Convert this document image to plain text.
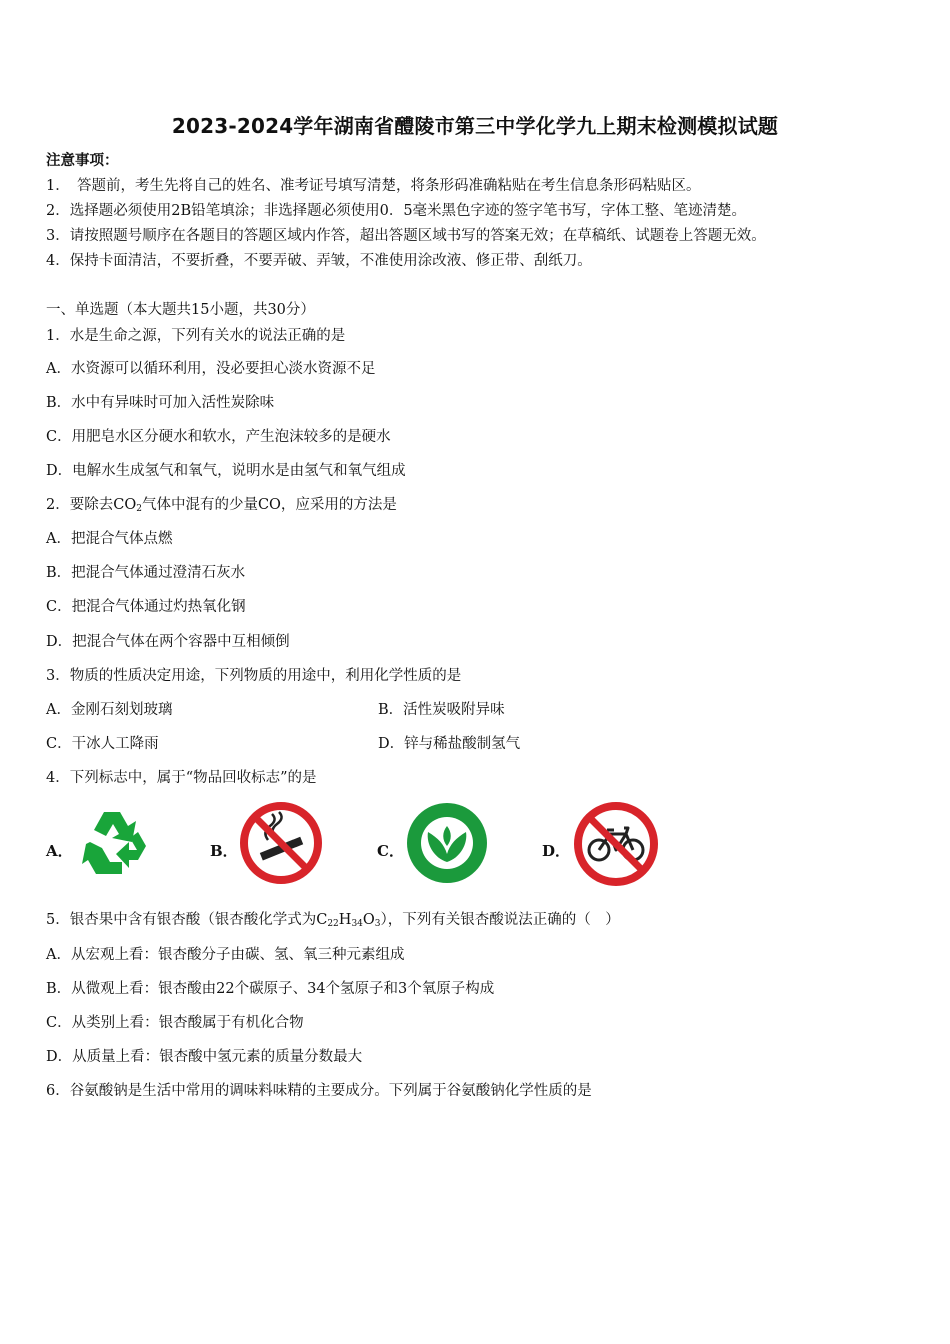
2023-2024学年湖南省醴陵市第三中学化学九上期末检测模拟试题
注意事项：
1．　答题前，考生先将自己的姓名、准考证号填写清楚，将条形码准确粘贴在考生信息条形码粘贴区。
2．选择题必须使用2B铅笔填涂；非选择题必须使用0．5毫米黑色字迹的签字笔书写，字体工整、笔迹清楚。
3．请按照题号顺序在各题目的答题区域内作答，超出答题区域书写的答案无效；在草稿纸、试题卷上答题无效。
4．保持卡面清洁，不要折叠，不要弄破、弄皱，不准使用涂改液、修正带、刮纸刀。
一、单选题（本大题共15小题，共30分）
1．水是生命之源，下列有关水的说法正确的是
A．水资源可以循环利用，没必要担心淡水资源不足
B．水中有异味时可加入活性炭除味
C．用肥皂水区分硬水和软水，产生泡沫较多的是硬水
D．电解水生成氢气和氧气，说明水是由氢气和氧气组成
2．要除去$CO_2$气体中混有的少量CO，应采用的方法是
A．把混合气体点燃
B．把混合气体通过澄清石灰水
C．把混合气体通过灼热氧化钢
D．把混合气体在两个容器中互相倾倒
3．物质的性质决定用途，下列物质的用途中，利用化学性质的是
A．金刚石刻划玻璃	B．活性炭吸附异味
C．干冰人工降雨	D．锌与稀盐酸制氢气
4．下列标志中，属于“物品回收标志”的是
A．	B．	C．	D．
5．银杏果中含有银杏酸（银杏酸化学式为$C_{22}H_{34}O_3$），下列有关银杏酸说法正确的（　）
A．从宏观上看：银杏酸分子由碳、氢、氧三种元素组成
B．从微观上看：银杏酸由22个碳原子、34个氢原子和3个氧原子构成
C．从类别上看：银杏酸属于有机化合物
D．从质量上看：银杏酸中氢元素的质量分数最大
6．谷氨酸钠是生活中常用的调味料味精的主要成分。下列属于谷氨酸钠化学性质的是
